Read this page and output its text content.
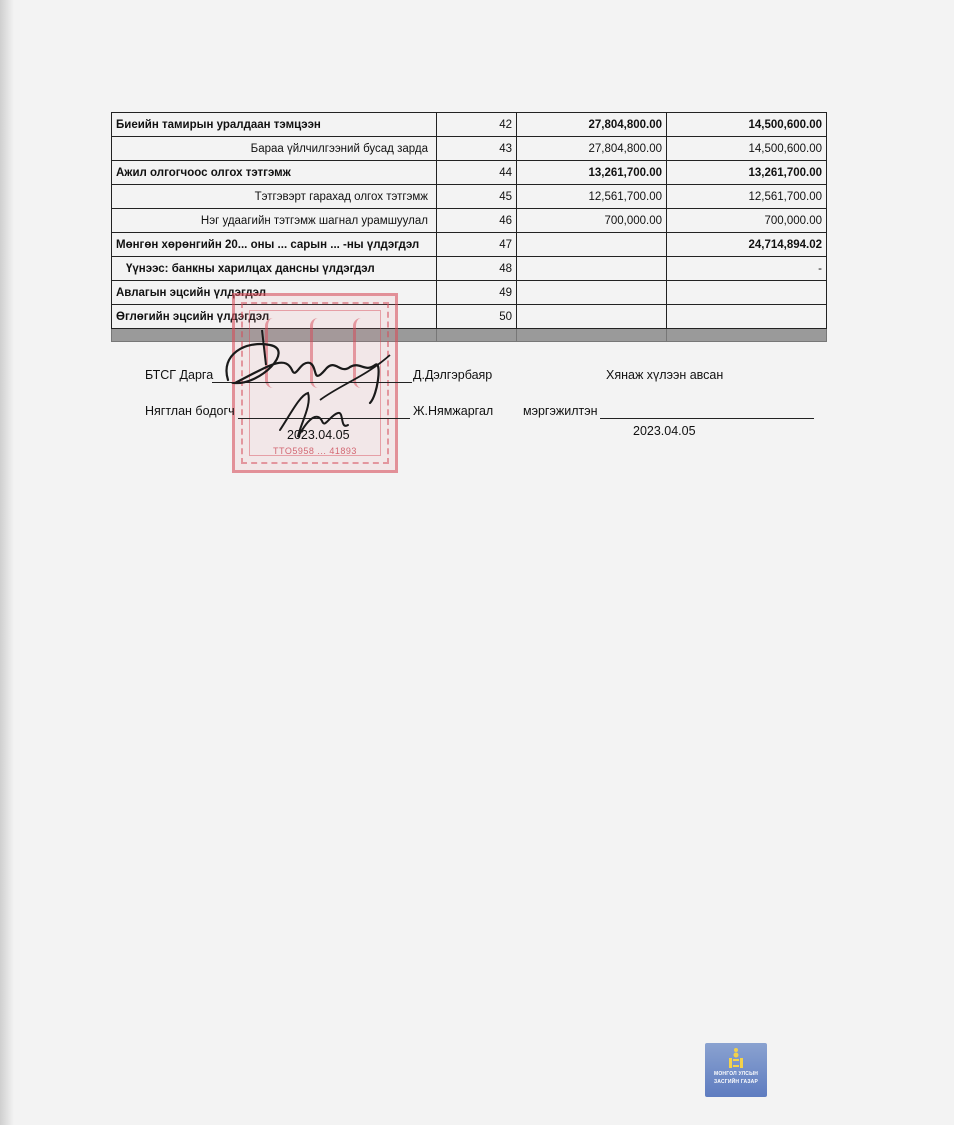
Биеийн тамирын уралдаан тэмцээн	42	27,804,800.00	14,500,600.00
Бараа үйлчилгээний бусад зарда	43	27,804,800.00	14,500,600.00
Ажил олгогчоос олгох тэтгэмж	44	13,261,700.00	13,261,700.00
Тэтгэвэрт гарахад олгох тэтгэмж	45	12,561,700.00	12,561,700.00
Нэг удаагийн тэтгэмж шагнал урамшуулал	46	700,000.00	700,000.00
Мөнгөн хөрөнгийн 20... оны ... сарын ... -ны үлдэгдэл	47		24,714,894.02
Үүнээс: банкны харилцах дансны үлдэгдэл	48		-
Авлагын эцсийн үлдэгдэл	49		
Өглөгийн эцсийн үлдэгдэл	50		

TTO5958 ... 41893
БТСГ Дарга	Д.Дэлгэрбаяр
Нягтлан бодогч	Ж.Нямжаргал
2023.04.05
Хянаж хүлээн авсан
мэргэжилтэн
2023.04.05
МОНГОЛ УЛСЫН
ЗАСГИЙН ГАЗАР
